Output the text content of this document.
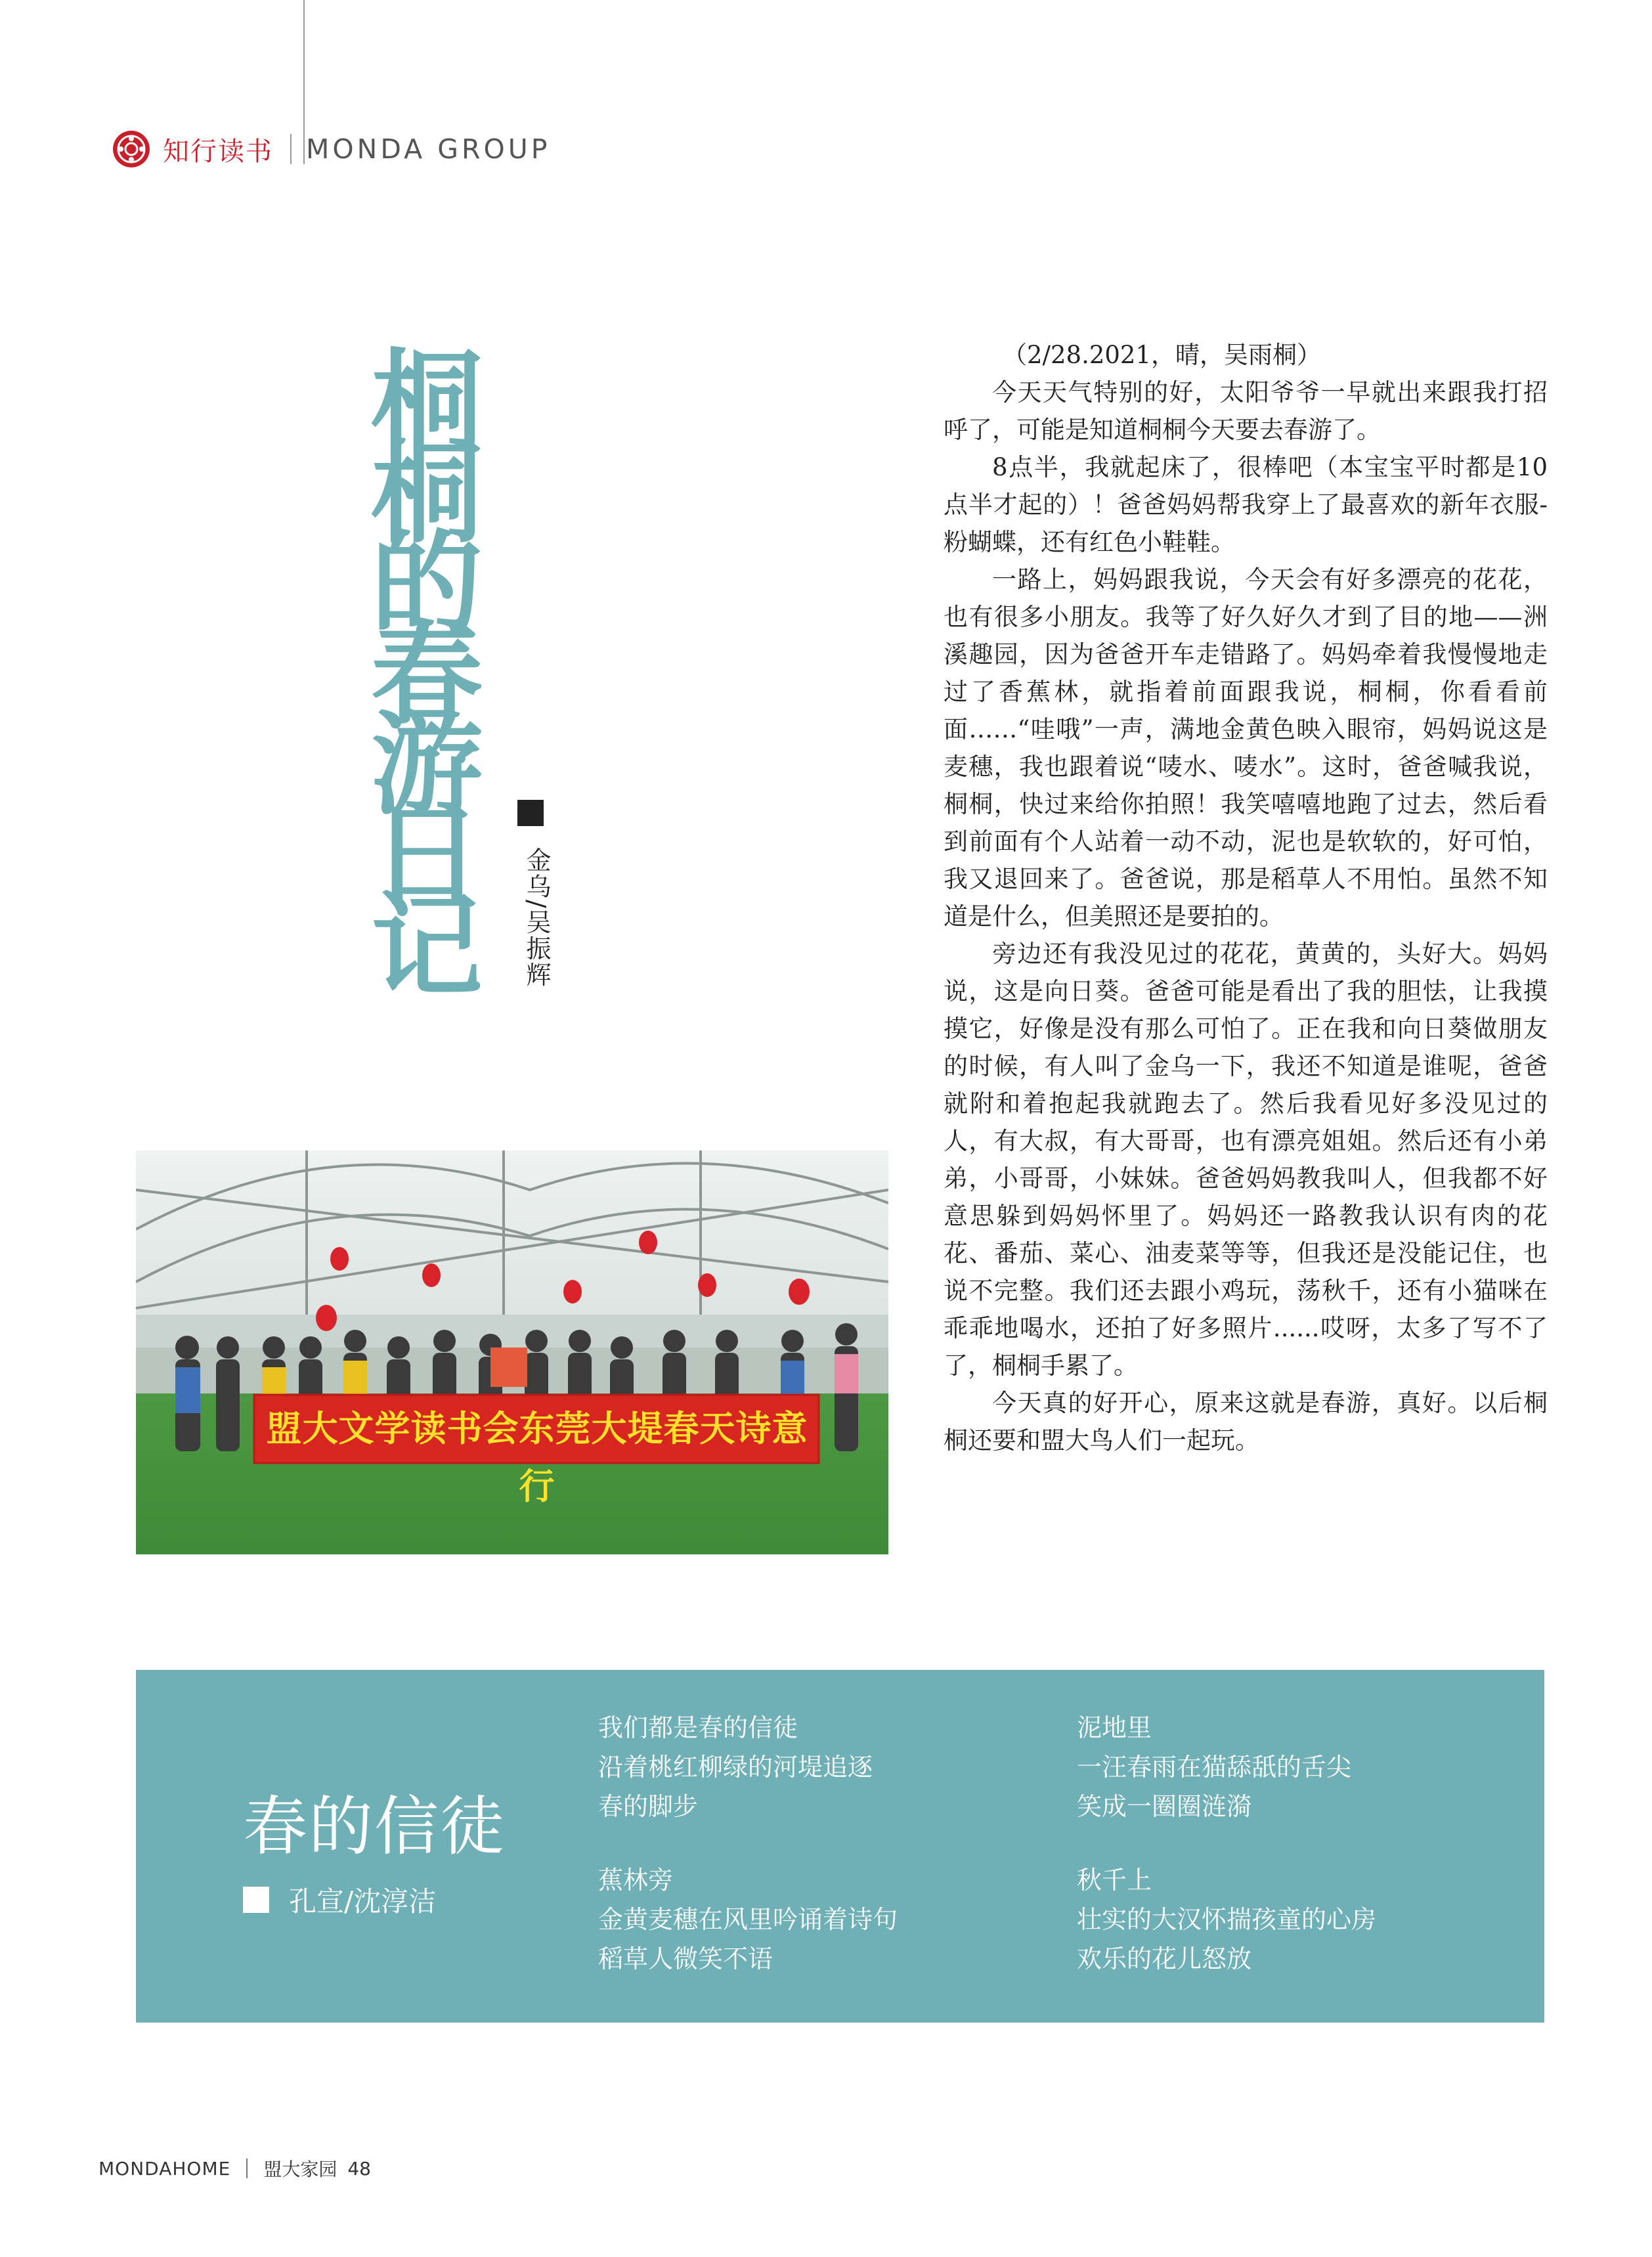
知行读书 MONDA GROUP
桐桐的春游日记	金乌/吴振辉
盟大文学读书会东莞大堤春天诗意行

（2/28.2021，晴，吴雨桐）

今天天气特别的好，太阳爷爷一早就出来跟我打招呼了，可能是知道桐桐今天要去春游了。

8点半，我就起床了，很棒吧（本宝宝平时都是10点半才起的）！爸爸妈妈帮我穿上了最喜欢的新年衣服-粉蝴蝶，还有红色小鞋鞋。

一路上，妈妈跟我说，今天会有好多漂亮的花花，也有很多小朋友。我等了好久好久才到了目的地——洲溪趣园，因为爸爸开车走错路了。妈妈牵着我慢慢地走过了香蕉林，就指着前面跟我说，桐桐，你看看前面……“哇哦”一声，满地金黄色映入眼帘，妈妈说这是麦穗，我也跟着说“唛水、唛水”。这时，爸爸喊我说，桐桐，快过来给你拍照！我笑嘻嘻地跑了过去，然后看到前面有个人站着一动不动，泥也是软软的，好可怕，我又退回来了。爸爸说，那是稻草人不用怕。虽然不知道是什么，但美照还是要拍的。

旁边还有我没见过的花花，黄黄的，头好大。妈妈说，这是向日葵。爸爸可能是看出了我的胆怯，让我摸摸它，好像是没有那么可怕了。正在我和向日葵做朋友的时候，有人叫了金乌一下，我还不知道是谁呢，爸爸就附和着抱起我就跑去了。然后我看见好多没见过的人，有大叔，有大哥哥，也有漂亮姐姐。然后还有小弟弟，小哥哥，小妹妹。爸爸妈妈教我叫人，但我都不好意思躲到妈妈怀里了。妈妈还一路教我认识有肉的花花、番茄、菜心、油麦菜等等，但我还是没能记住，也说不完整。我们还去跟小鸡玩，荡秋千，还有小猫咪在乖乖地喝水，还拍了好多照片......哎呀，太多了写不了了，桐桐手累了。

今天真的好开心，原来这就是春游，真好。以后桐桐还要和盟大鸟人们一起玩。

春的信徒
孔宣/沈淳洁
我们都是春的信徒
沿着桃红柳绿的河堤追逐
春的脚步
蕉林旁
金黄麦穗在风里吟诵着诗句
稻草人微笑不语
泥地里
一汪春雨在猫舔舐的舌尖
笑成一圈圈涟漪
秋千上
壮实的大汉怀揣孩童的心房
欢乐的花儿怒放
MONDAHOME 盟大家园 48
